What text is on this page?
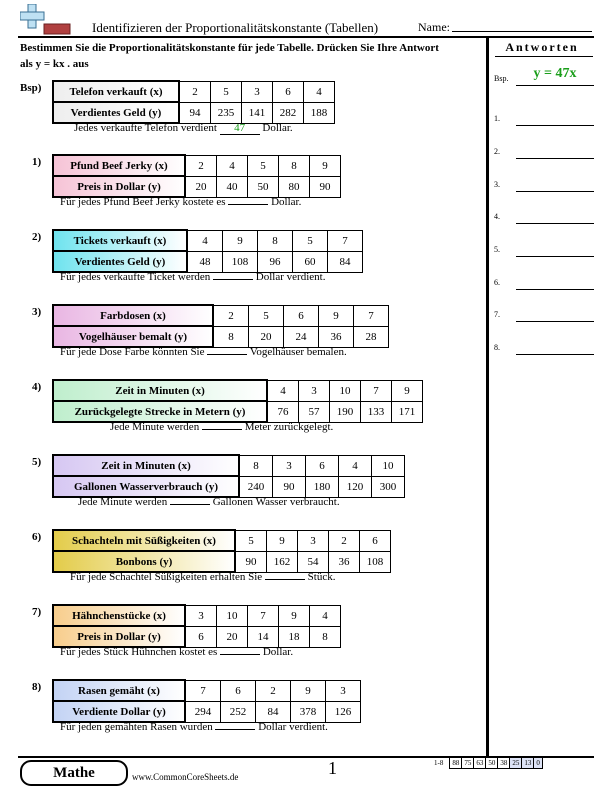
Identifizieren der Proportionalitätskonstante (Tabellen)	Name:
Bestimmen Sie die Proportionalitätskonstante für jede Tabelle. Drücken Sie Ihre Antwort
als y = kx . aus
Antworten
Bsp.	y = 47x
1.
2.
3.
4.
5.
6.
7.
8.
Bsp)	Telefon verkauft (x)	2	5	3	6	4
Verdientes Geld (y)	94	235	141	282	188
Jedes verkaufte Telefon verdient 47 Dollar.
1)	Pfund Beef Jerky (x)	2	4	5	8	9
Preis in Dollar (y)	20	40	50	80	90
Für jedes Pfund Beef Jerky kostete es	Dollar.
2)	Tickets verkauft (x)	4	9	8	5	7
Verdientes Geld (y)	48	108	96	60	84
Für jedes verkaufte Ticket werden	Dollar verdient.
3)	Farbdosen (x)	2	5	6	9	7
Vogelhäuser bemalt (y)	8	20	24	36	28
Für jede Dose Farbe könnten Sie	Vogelhäuser bemalen.
4)	Zeit in Minuten (x)	4	3	10	7	9
Zurückgelegte Strecke in Metern (y)	76	57	190	133	171
Jede Minute werden	Meter zurückgelegt.
5)	Zeit in Minuten (x)	8	3	6	4	10
Gallonen Wasserverbrauch (y)	240	90	180	120	300
Jede Minute werden	Gallonen Wasser verbraucht.
6)	Schachteln mit Süßigkeiten (x)	5	9	3	2	6
Bonbons (y)	90	162	54	36	108
Für jede Schachtel Süßigkeiten erhalten Sie	Stück.
7)	Hähnchenstücke (x)	3	10	7	9	4
Preis in Dollar (y)	6	20	14	18	8
Für jedes Stück Hühnchen kostet es	Dollar.
8)	Rasen gemäht (x)	7	6	2	9	3
Verdiente Dollar (y)	294	252	84	378	126
Für jeden gemähten Rasen wurden	Dollar verdient.
Mathe	www.CommonCoreSheets.de	1	1-8	88	75	63	50	38	25	13	0
